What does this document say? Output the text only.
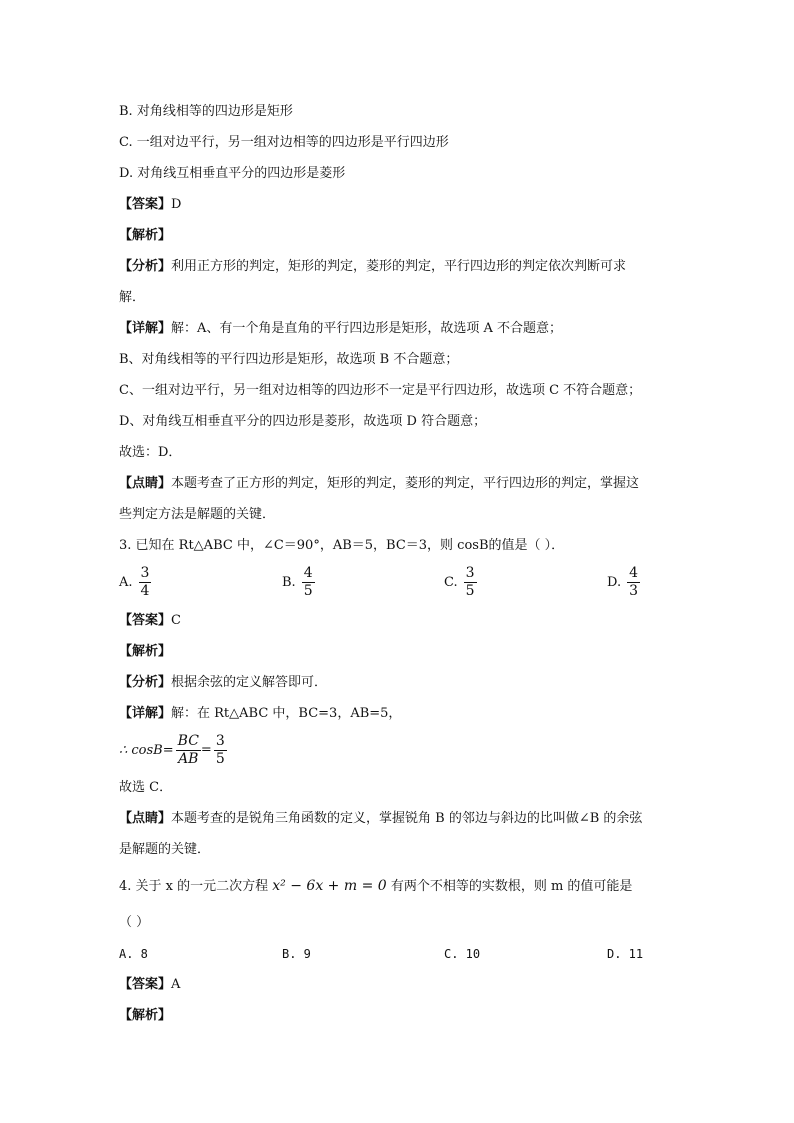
B. 对角线相等的四边形是矩形
C. 一组对边平行，另一组对边相等的四边形是平行四边形
D. 对角线互相垂直平分的四边形是菱形
【答案】D
【解析】
【分析】利用正方形的判定，矩形的判定，菱形的判定，平行四边形的判定依次判断可求
解．
【详解】解：A、有一个角是直角的平行四边形是矩形，故选项 A 不合题意；
B、对角线相等的平行四边形是矩形，故选项 B 不合题意；
C、一组对边平行，另一组对边相等的四边形不一定是平行四边形，故选项 C 不符合题意；
D、对角线互相垂直平分的四边形是菱形，故选项 D 符合题意；
故选：D．
【点睛】本题考查了正方形的判定，矩形的判定，菱形的判定，平行四边形的判定，掌握这
些判定方法是解题的关键．
3. 已知在 Rt△ABC 中，∠C＝90°，AB＝5，BC＝3，则 cosB的值是（ ）．
A. $\frac{3}{4}$	B. $\frac{4}{5}$	C. $\frac{3}{5}$	D. $\frac{4}{3}$
【答案】C
【解析】
【分析】根据余弦的定义解答即可．
【详解】解：在 Rt△ABC 中，BC=3，AB=5，
∴ $\cos B= \frac{BC}{AB} = \frac{3}{5}$
故选 C．
【点睛】本题考查的是锐角三角函数的定义，掌握锐角 B 的邻边与斜边的比叫做∠B 的余弦
是解题的关键．
4. 关于 x 的一元二次方程 x² − 6x + m = 0 有两个不相等的实数根，则 m 的值可能是
（ ）
A. 8	B. 9	C. 10	D. 11
【答案】A
【解析】
